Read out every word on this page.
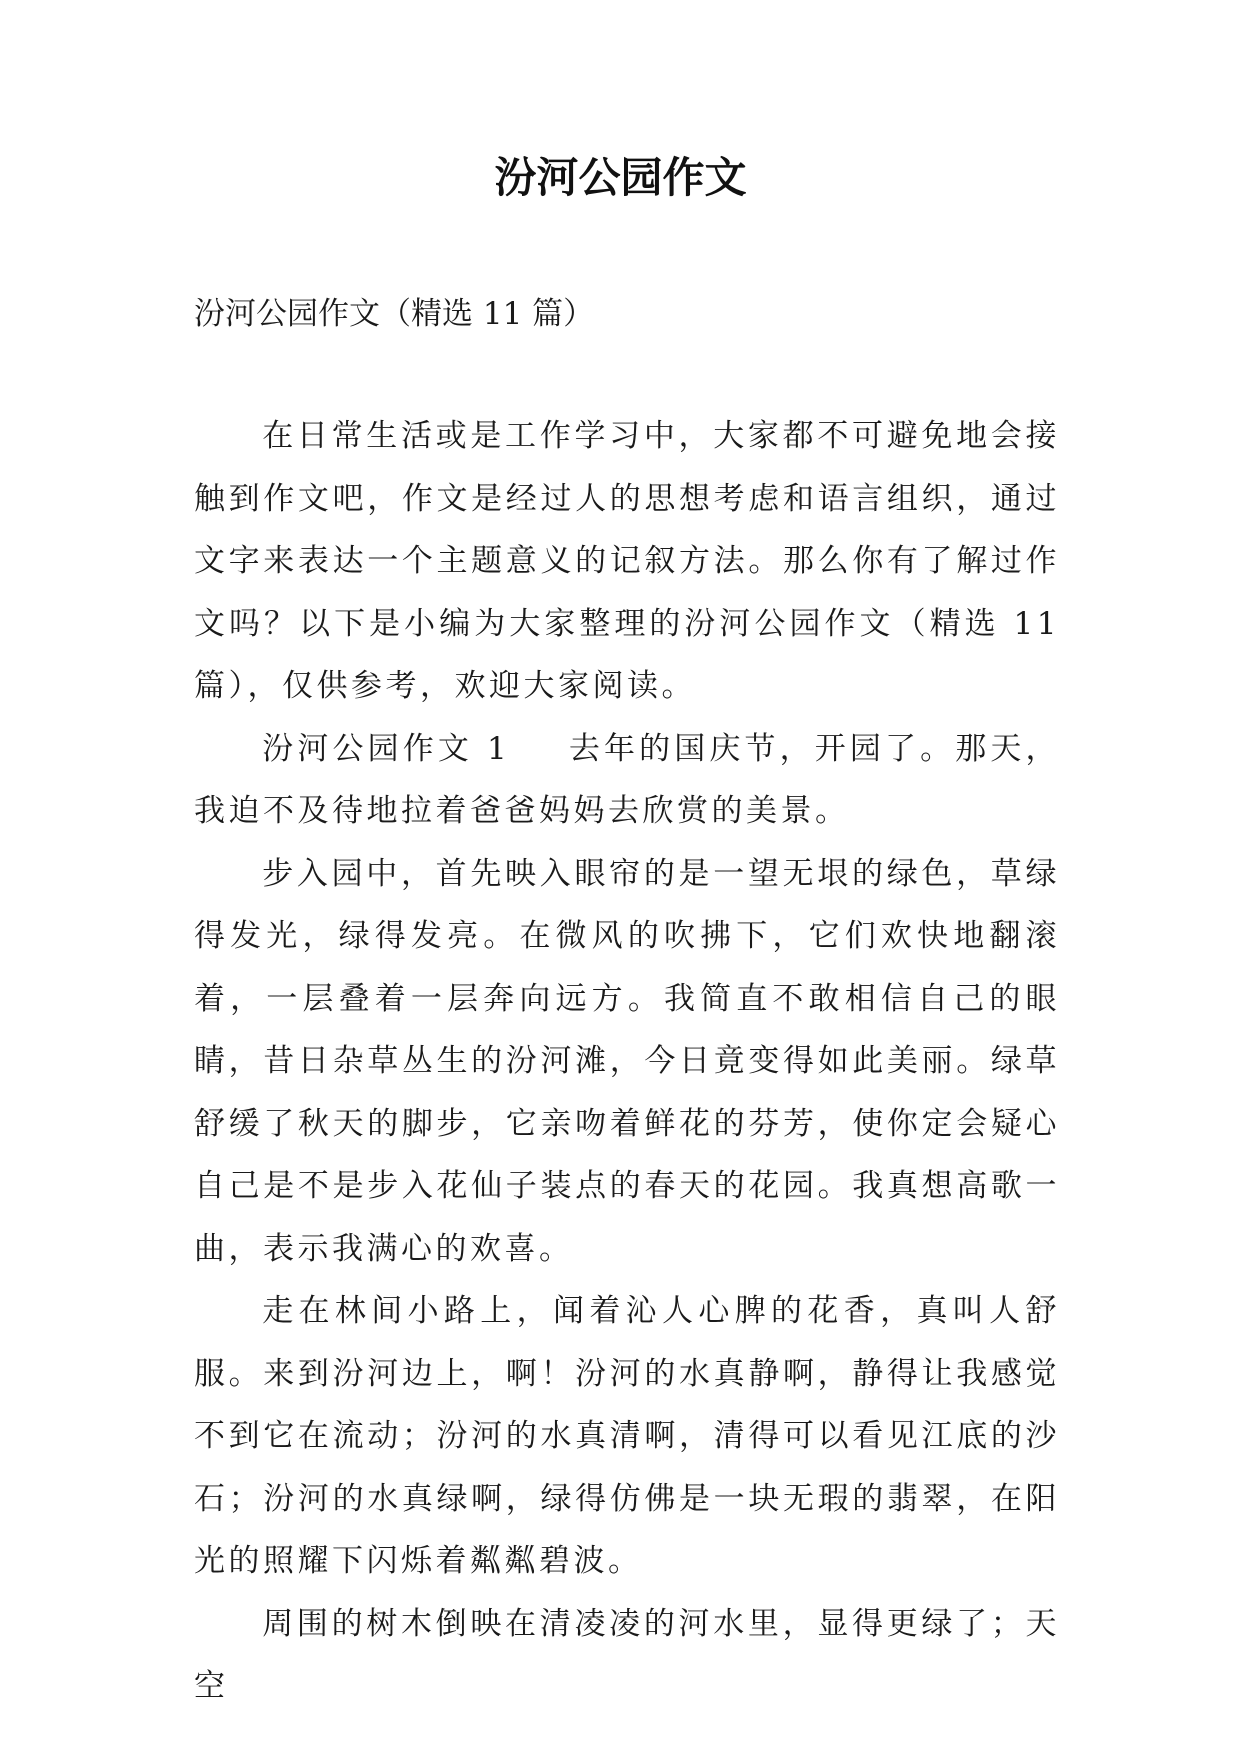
汾河公园作文
汾河公园作文（精选 11 篇）

在日常生活或是工作学习中，大家都不可避免地会接触到作文吧，作文是经过人的思想考虑和语言组织，通过文字来表达一个主题意义的记叙方法。那么你有了解过作文吗？以下是小编为大家整理的汾河公园作文（精选 11 篇），仅供参考，欢迎大家阅读。

汾河公园作文 1 去年的国庆节，开园了。那天，我迫不及待地拉着爸爸妈妈去欣赏的美景。

步入园中，首先映入眼帘的是一望无垠的绿色，草绿得发光，绿得发亮。在微风的吹拂下，它们欢快地翻滚着，一层叠着一层奔向远方。我简直不敢相信自己的眼睛，昔日杂草丛生的汾河滩，今日竟变得如此美丽。绿草舒缓了秋天的脚步，它亲吻着鲜花的芬芳，使你定会疑心自己是不是步入花仙子装点的春天的花园。我真想高歌一曲，表示我满心的欢喜。

走在林间小路上，闻着沁人心脾的花香，真叫人舒服。来到汾河边上，啊！汾河的水真静啊，静得让我感觉不到它在流动；汾河的水真清啊，清得可以看见江底的沙石；汾河的水真绿啊，绿得仿佛是一块无瑕的翡翠，在阳光的照耀下闪烁着粼粼碧波。

周围的树木倒映在清凌凌的河水里，显得更绿了；天空
